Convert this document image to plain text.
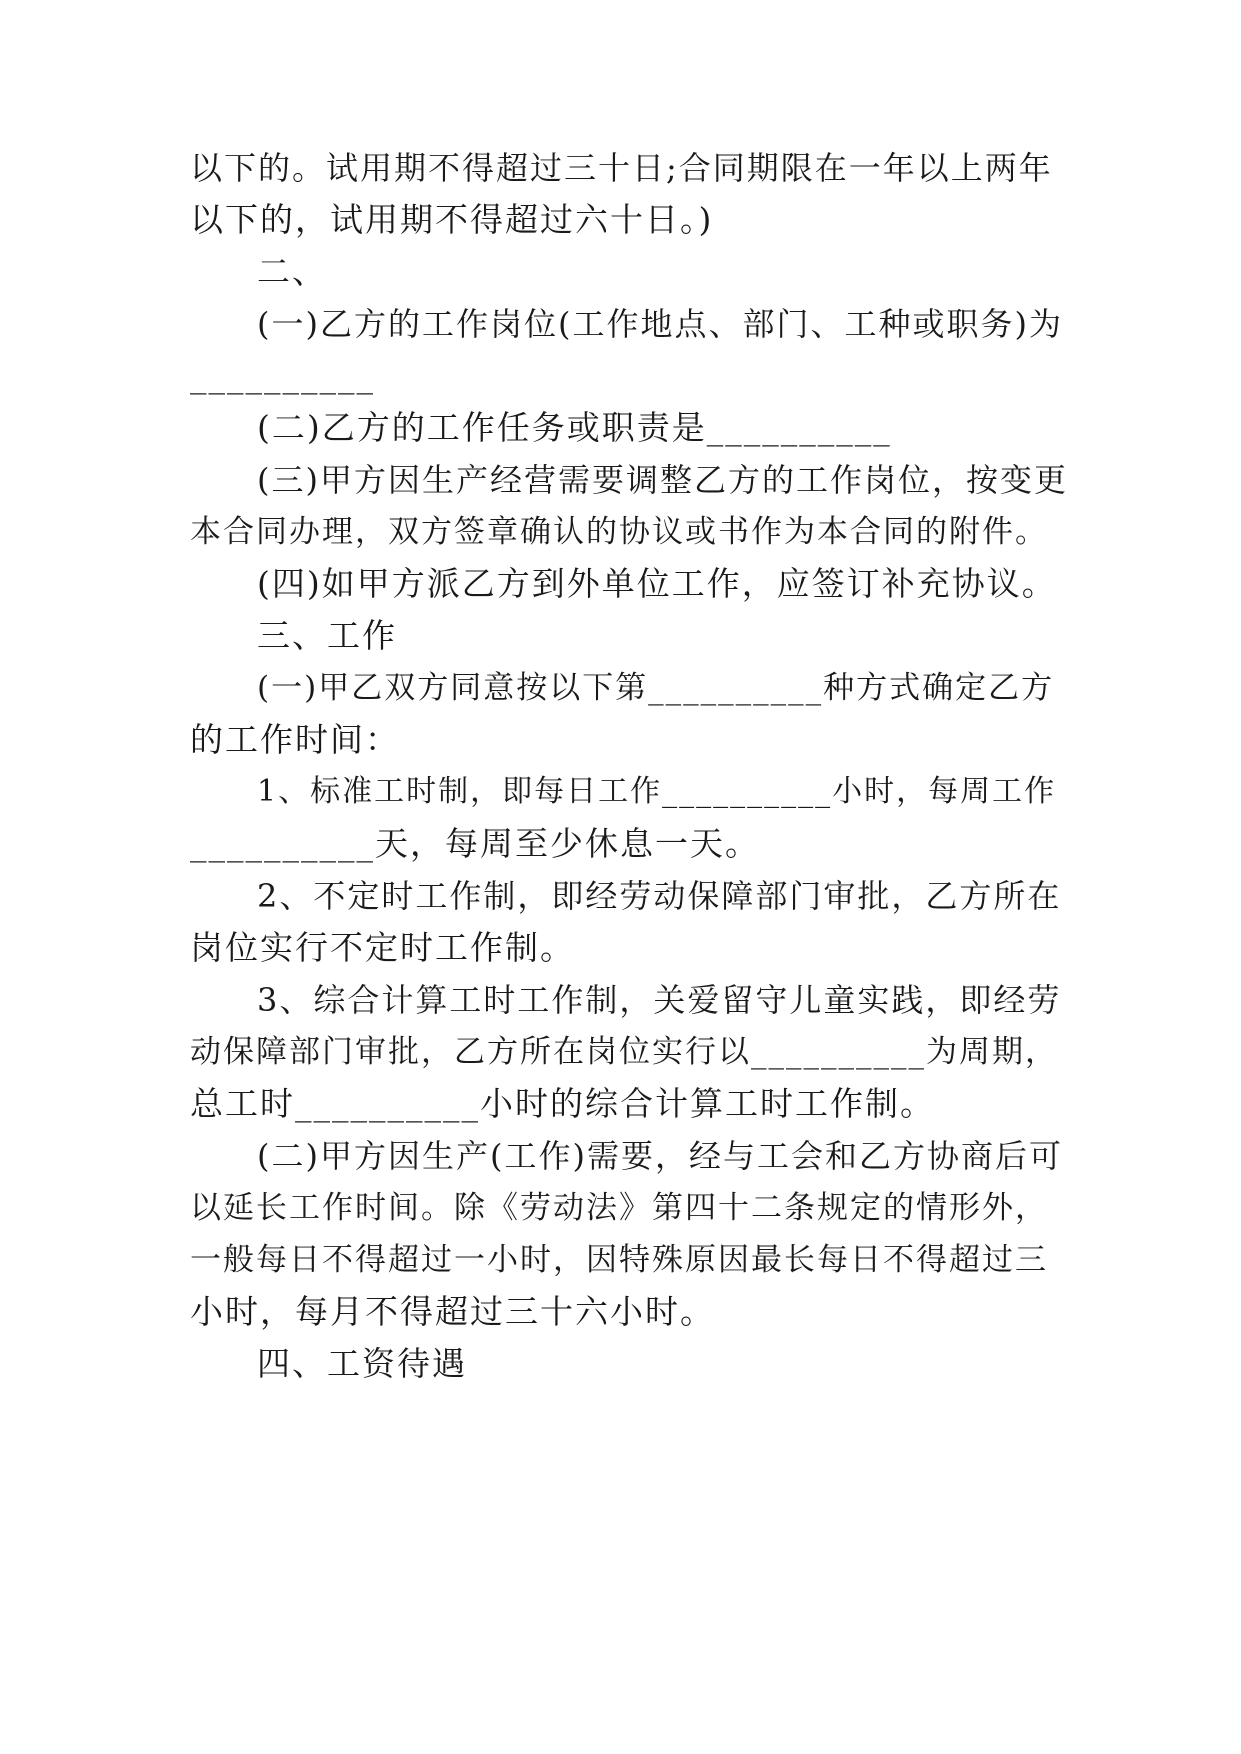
以下的。试用期不得超过三十日;合同期限在一年以上两年
以下的，试用期不得超过六十日。)
二、
(一)乙方的工作岗位(工作地点、部门、工种或职务)为
__________
(二)乙方的工作任务或职责是__________
(三)甲方因生产经营需要调整乙方的工作岗位，按变更
本合同办理，双方签章确认的协议或书作为本合同的附件。
(四)如甲方派乙方到外单位工作，应签订补充协议。
三、工作
(一)甲乙双方同意按以下第__________种方式确定乙方
的工作时间：
1、标准工时制，即每日工作__________小时，每周工作
__________天，每周至少休息一天。
2、不定时工作制，即经劳动保障部门审批，乙方所在
岗位实行不定时工作制。
3、综合计算工时工作制，关爱留守儿童实践，即经劳
动保障部门审批，乙方所在岗位实行以__________为周期，
总工时__________小时的综合计算工时工作制。
(二)甲方因生产(工作)需要，经与工会和乙方协商后可
以延长工作时间。除《劳动法》第四十二条规定的情形外，
一般每日不得超过一小时，因特殊原因最长每日不得超过三
小时，每月不得超过三十六小时。
四、工资待遇
